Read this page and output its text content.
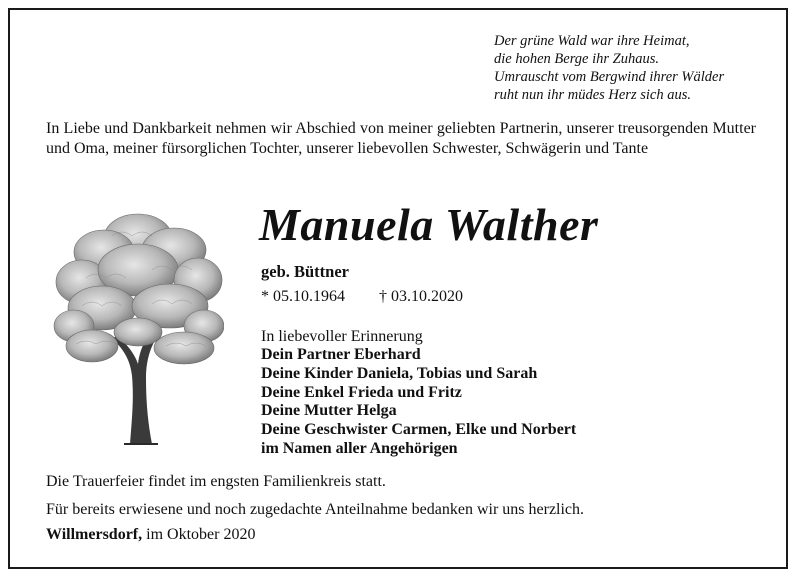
Der grüne Wald war ihre Heimat,
die hohen Berge ihr Zuhaus.
Umrauscht vom Bergwind ihrer Wälder
ruht nun ihr müdes Herz sich aus.
In Liebe und Dankbarkeit nehmen wir Abschied von meiner geliebten Partnerin, unserer treusorgenden Mutter und Oma, meiner fürsorglichen Tochter, unserer liebevollen Schwester, Schwägerin und Tante
Manuela Walther
geb. Büttner
* 05.10.1964 † 03.10.2020
In liebevoller Erinnerung
Dein Partner Eberhard
Deine Kinder Daniela, Tobias und Sarah
Deine Enkel Frieda und Fritz
Deine Mutter Helga
Deine Geschwister Carmen, Elke und Norbert
im Namen aller Angehörigen
Die Trauerfeier findet im engsten Familienkreis statt.
Für bereits erwiesene und noch zugedachte Anteilnahme bedanken wir uns herzlich.
Willmersdorf, im Oktober 2020
